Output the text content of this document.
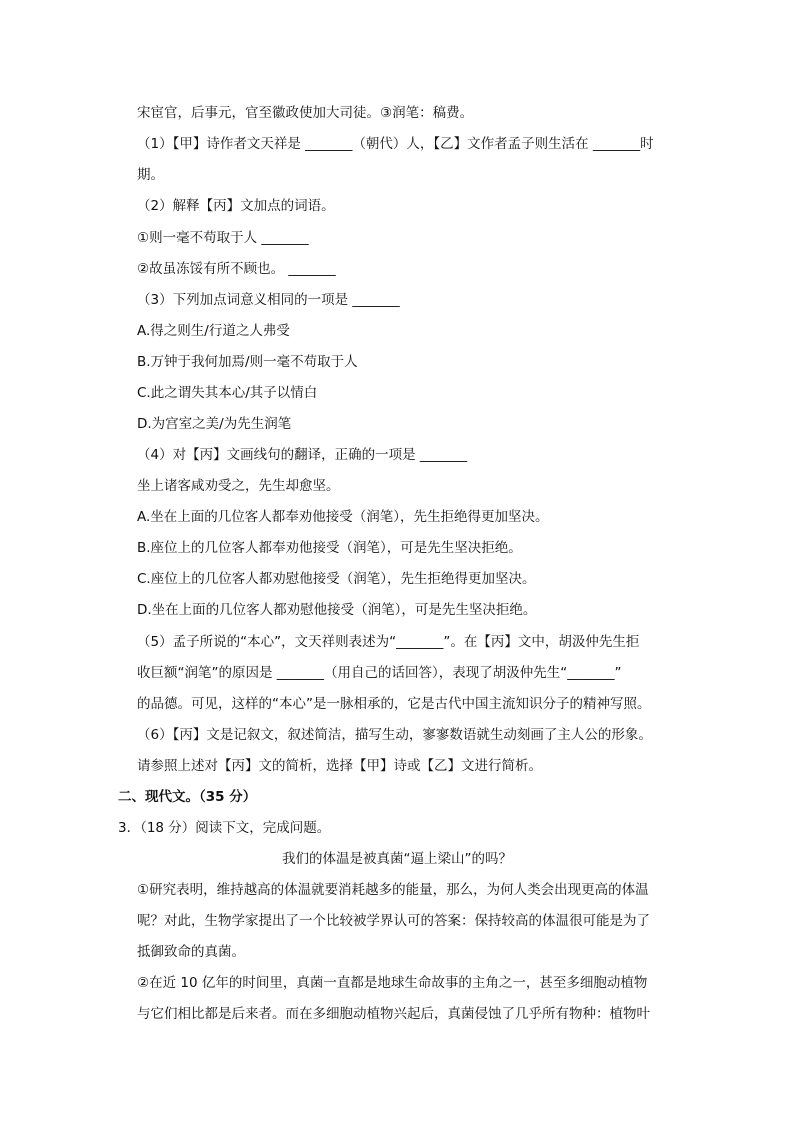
宋宦官，后事元，官至徽政使加大司徒。③润笔：稿费。
（1）【甲】诗作者文天祥是 _______（朝代）人，【乙】文作者孟子则生活在 _______时
期。
（2）解释【丙】文加点的词语。
①则一毫不苟取于人 _______
②故虽冻馁有所不顾也。 _______
（3）下列加点词意义相同的一项是 _______
A.得之则生/行道之人弗受
B.万钟于我何加焉/则一毫不苟取于人
C.此之谓失其本心/其子以情白
D.为宫室之美/为先生润笔
（4）对【丙】文画线句的翻译，正确的一项是 _______
坐上诸客咸劝受之，先生却愈坚。
A.坐在上面的几位客人都奉劝他接受（润笔），先生拒绝得更加坚决。
B.座位上的几位客人都奉劝他接受（润笔），可是先生坚决拒绝。
C.座位上的几位客人都劝慰他接受（润笔），先生拒绝得更加坚决。
D.坐在上面的几位客人都劝慰他接受（润笔），可是先生坚决拒绝。
（5）孟子所说的“本心”，文天祥则表述为“_______”。在【丙】文中，胡汲仲先生拒
收巨额“润笔”的原因是 _______（用自己的话回答），表现了胡汲仲先生“_______”
的品德。可见，这样的“本心”是一脉相承的，它是古代中国主流知识分子的精神写照。
（6）【丙】文是记叙文，叙述简洁，描写生动，寥寥数语就生动刻画了主人公的形象。
请参照上述对【丙】文的简析，选择【甲】诗或【乙】文进行简析。
二、现代文。（35 分）
3．（18 分）阅读下文，完成问题。
我们的体温是被真菌“逼上梁山”的吗？
①研究表明，维持越高的体温就要消耗越多的能量，那么，为何人类会出现更高的体温
呢？对此，生物学家提出了一个比较被学界认可的答案：保持较高的体温很可能是为了
抵御致命的真菌。
②在近 10 亿年的时间里，真菌一直都是地球生命故事的主角之一，甚至多细胞动植物
与它们相比都是后来者。而在多细胞动植物兴起后，真菌侵蚀了几乎所有物种：植物叶
